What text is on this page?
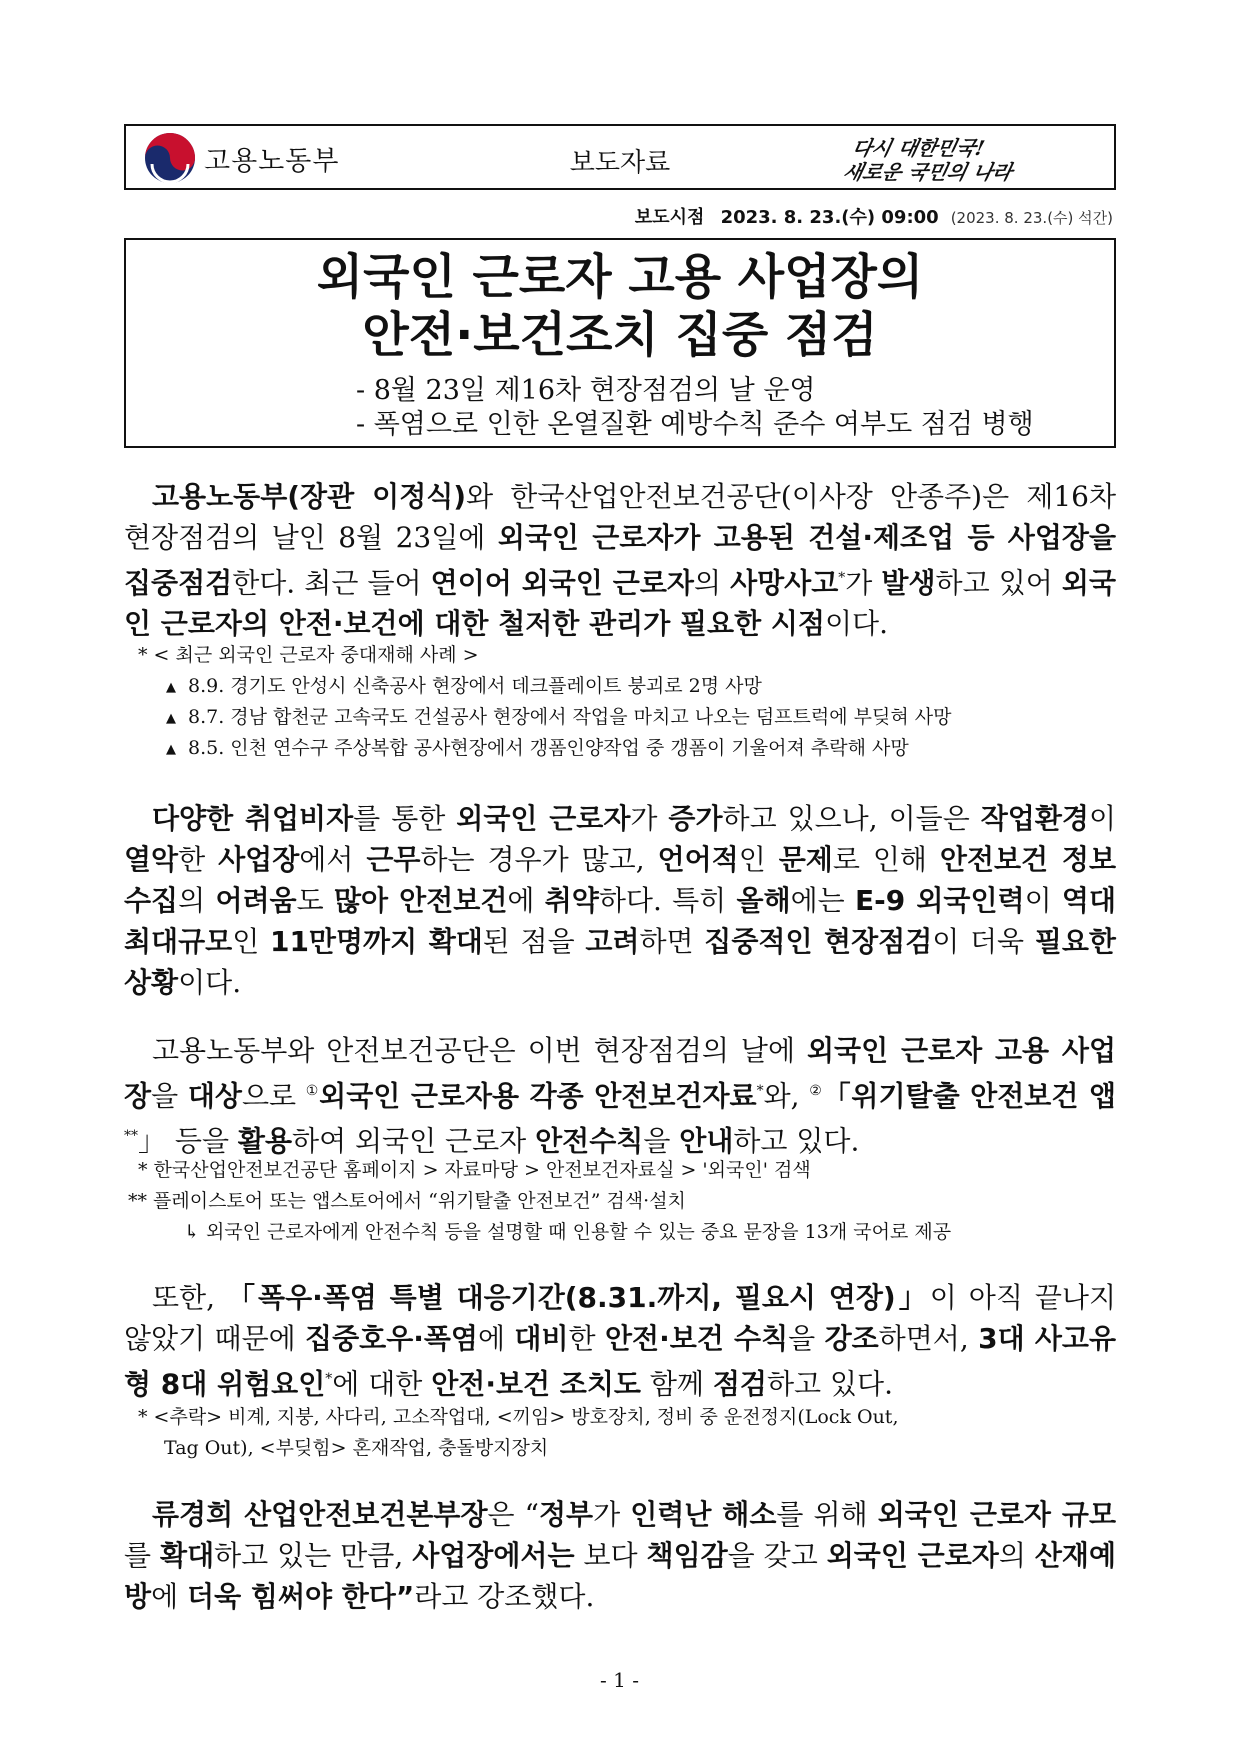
고용노동부	보도자료	다시 대한민국!
새로운 국민의 나라
보도시점 2023. 8. 23.(수) 09:00 (2023. 8. 23.(수) 석간)
외국인 근로자 고용 사업장의
안전·보건조치 집중 점검
- 8월 23일 제16차 현장점검의 날 운영
- 폭염으로 인한 온열질환 예방수칙 준수 여부도 점검 병행
고용노동부(장관 이정식)와 한국산업안전보건공단(이사장 안종주)은 제16차 현장점검의 날인 8월 23일에 외국인 근로자가 고용된 건설·제조업 등 사업장을 집중점검한다. 최근 들어 연이어 외국인 근로자의 사망사고*가 발생하고 있어 외국인 근로자의 안전·보건에 대한 철저한 관리가 필요한 시점이다.
* < 최근 외국인 근로자 중대재해 사례 >
▲ 8.9. 경기도 안성시 신축공사 현장에서 데크플레이트 붕괴로 2명 사망
▲ 8.7. 경남 합천군 고속국도 건설공사 현장에서 작업을 마치고 나오는 덤프트럭에 부딪혀 사망
▲ 8.5. 인천 연수구 주상복합 공사현장에서 갱폼인양작업 중 갱폼이 기울어져 추락해 사망
다양한 취업비자를 통한 외국인 근로자가 증가하고 있으나, 이들은 작업환경이 열악한 사업장에서 근무하는 경우가 많고, 언어적인 문제로 인해 안전보건 정보 수집의 어려움도 많아 안전보건에 취약하다. 특히 올해에는 E-9 외국인력이 역대 최대규모인 11만명까지 확대된 점을 고려하면 집중적인 현장점검이 더욱 필요한 상황이다.
고용노동부와 안전보건공단은 이번 현장점검의 날에 외국인 근로자 고용 사업장을 대상으로 ①외국인 근로자용 각종 안전보건자료*와, ②「위기탈출 안전보건 앱**」 등을 활용하여 외국인 근로자 안전수칙을 안내하고 있다.
* 한국산업안전보건공단 홈페이지 > 자료마당 > 안전보건자료실 > '외국인' 검색
** 플레이스토어 또는 앱스토어에서 “위기탈출 안전보건” 검색·설치
↳ 외국인 근로자에게 안전수칙 등을 설명할 때 인용할 수 있는 중요 문장을 13개 국어로 제공
또한, 「폭우·폭염 특별 대응기간(8.31.까지, 필요시 연장)」이 아직 끝나지 않았기 때문에 집중호우·폭염에 대비한 안전·보건 수칙을 강조하면서, 3대 사고유형 8대 위험요인*에 대한 안전·보건 조치도 함께 점검하고 있다.
* <추락> 비계, 지붕, 사다리, 고소작업대, <끼임> 방호장치, 정비 중 운전정지(Lock Out,
Tag Out), <부딪힘> 혼재작업, 충돌방지장치
류경희 산업안전보건본부장은 “정부가 인력난 해소를 위해 외국인 근로자 규모를 확대하고 있는 만큼, 사업장에서는 보다 책임감을 갖고 외국인 근로자의 산재예방에 더욱 힘써야 한다”라고 강조했다.
- 1 -
